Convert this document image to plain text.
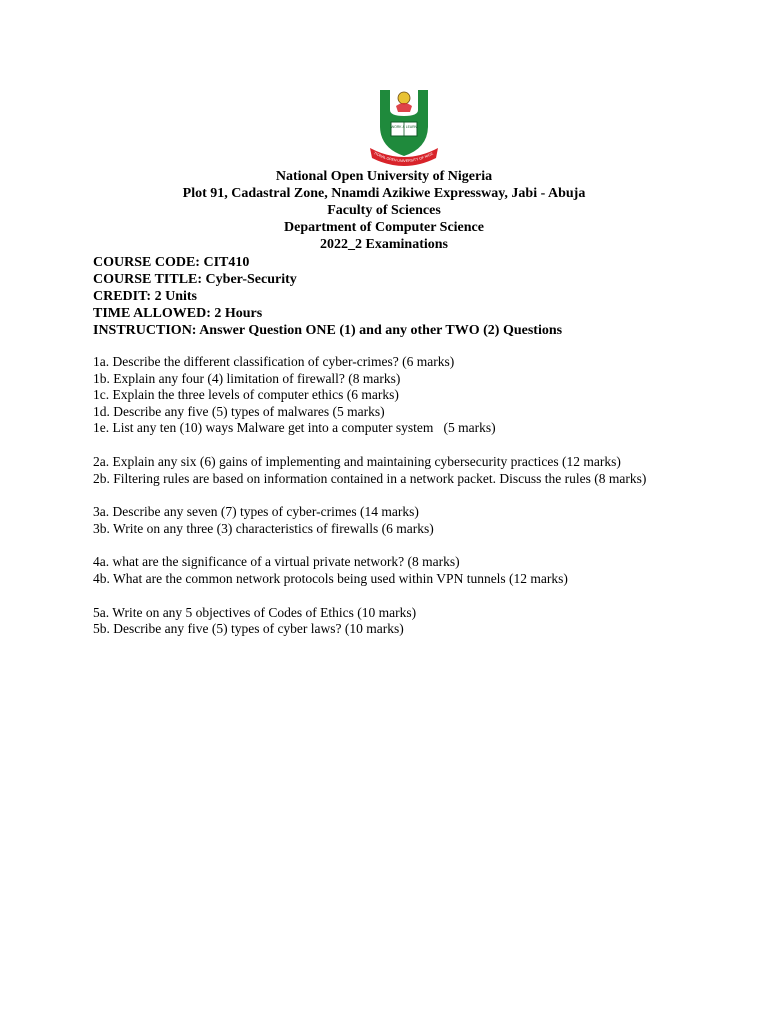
WORK & LEARN
TIONAL OPEN UNIVERSITY OF NIGE
National Open University of Nigeria
Plot 91, Cadastral Zone, Nnamdi Azikiwe Expressway, Jabi - Abuja
Faculty of Sciences
Department of Computer Science
2022_2 Examinations
COURSE CODE: CIT410
COURSE TITLE: Cyber-Security
CREDIT: 2 Units
TIME ALLOWED: 2 Hours
INSTRUCTION: Answer Question ONE (1) and any other TWO (2) Questions
1a. Describe the different classification of cyber-crimes? (6 marks)
1b. Explain any four (4) limitation of firewall? (8 marks)
1c. Explain the three levels of computer ethics (6 marks)
1d. Describe any five (5) types of malwares (5 marks)
1e. List any ten (10) ways Malware get into a computer system   (5 marks)
2a. Explain any six (6) gains of implementing and maintaining cybersecurity practices (12 marks)
2b. Filtering rules are based on information contained in a network packet. Discuss the rules (8 marks)
3a. Describe any seven (7) types of cyber-crimes (14 marks)
3b. Write on any three (3) characteristics of firewalls (6 marks)
4a. what are the significance of a virtual private network? (8 marks)
4b. What are the common network protocols being used within VPN tunnels (12 marks)
5a. Write on any 5 objectives of Codes of Ethics (10 marks)
5b. Describe any five (5) types of cyber laws? (10 marks)
